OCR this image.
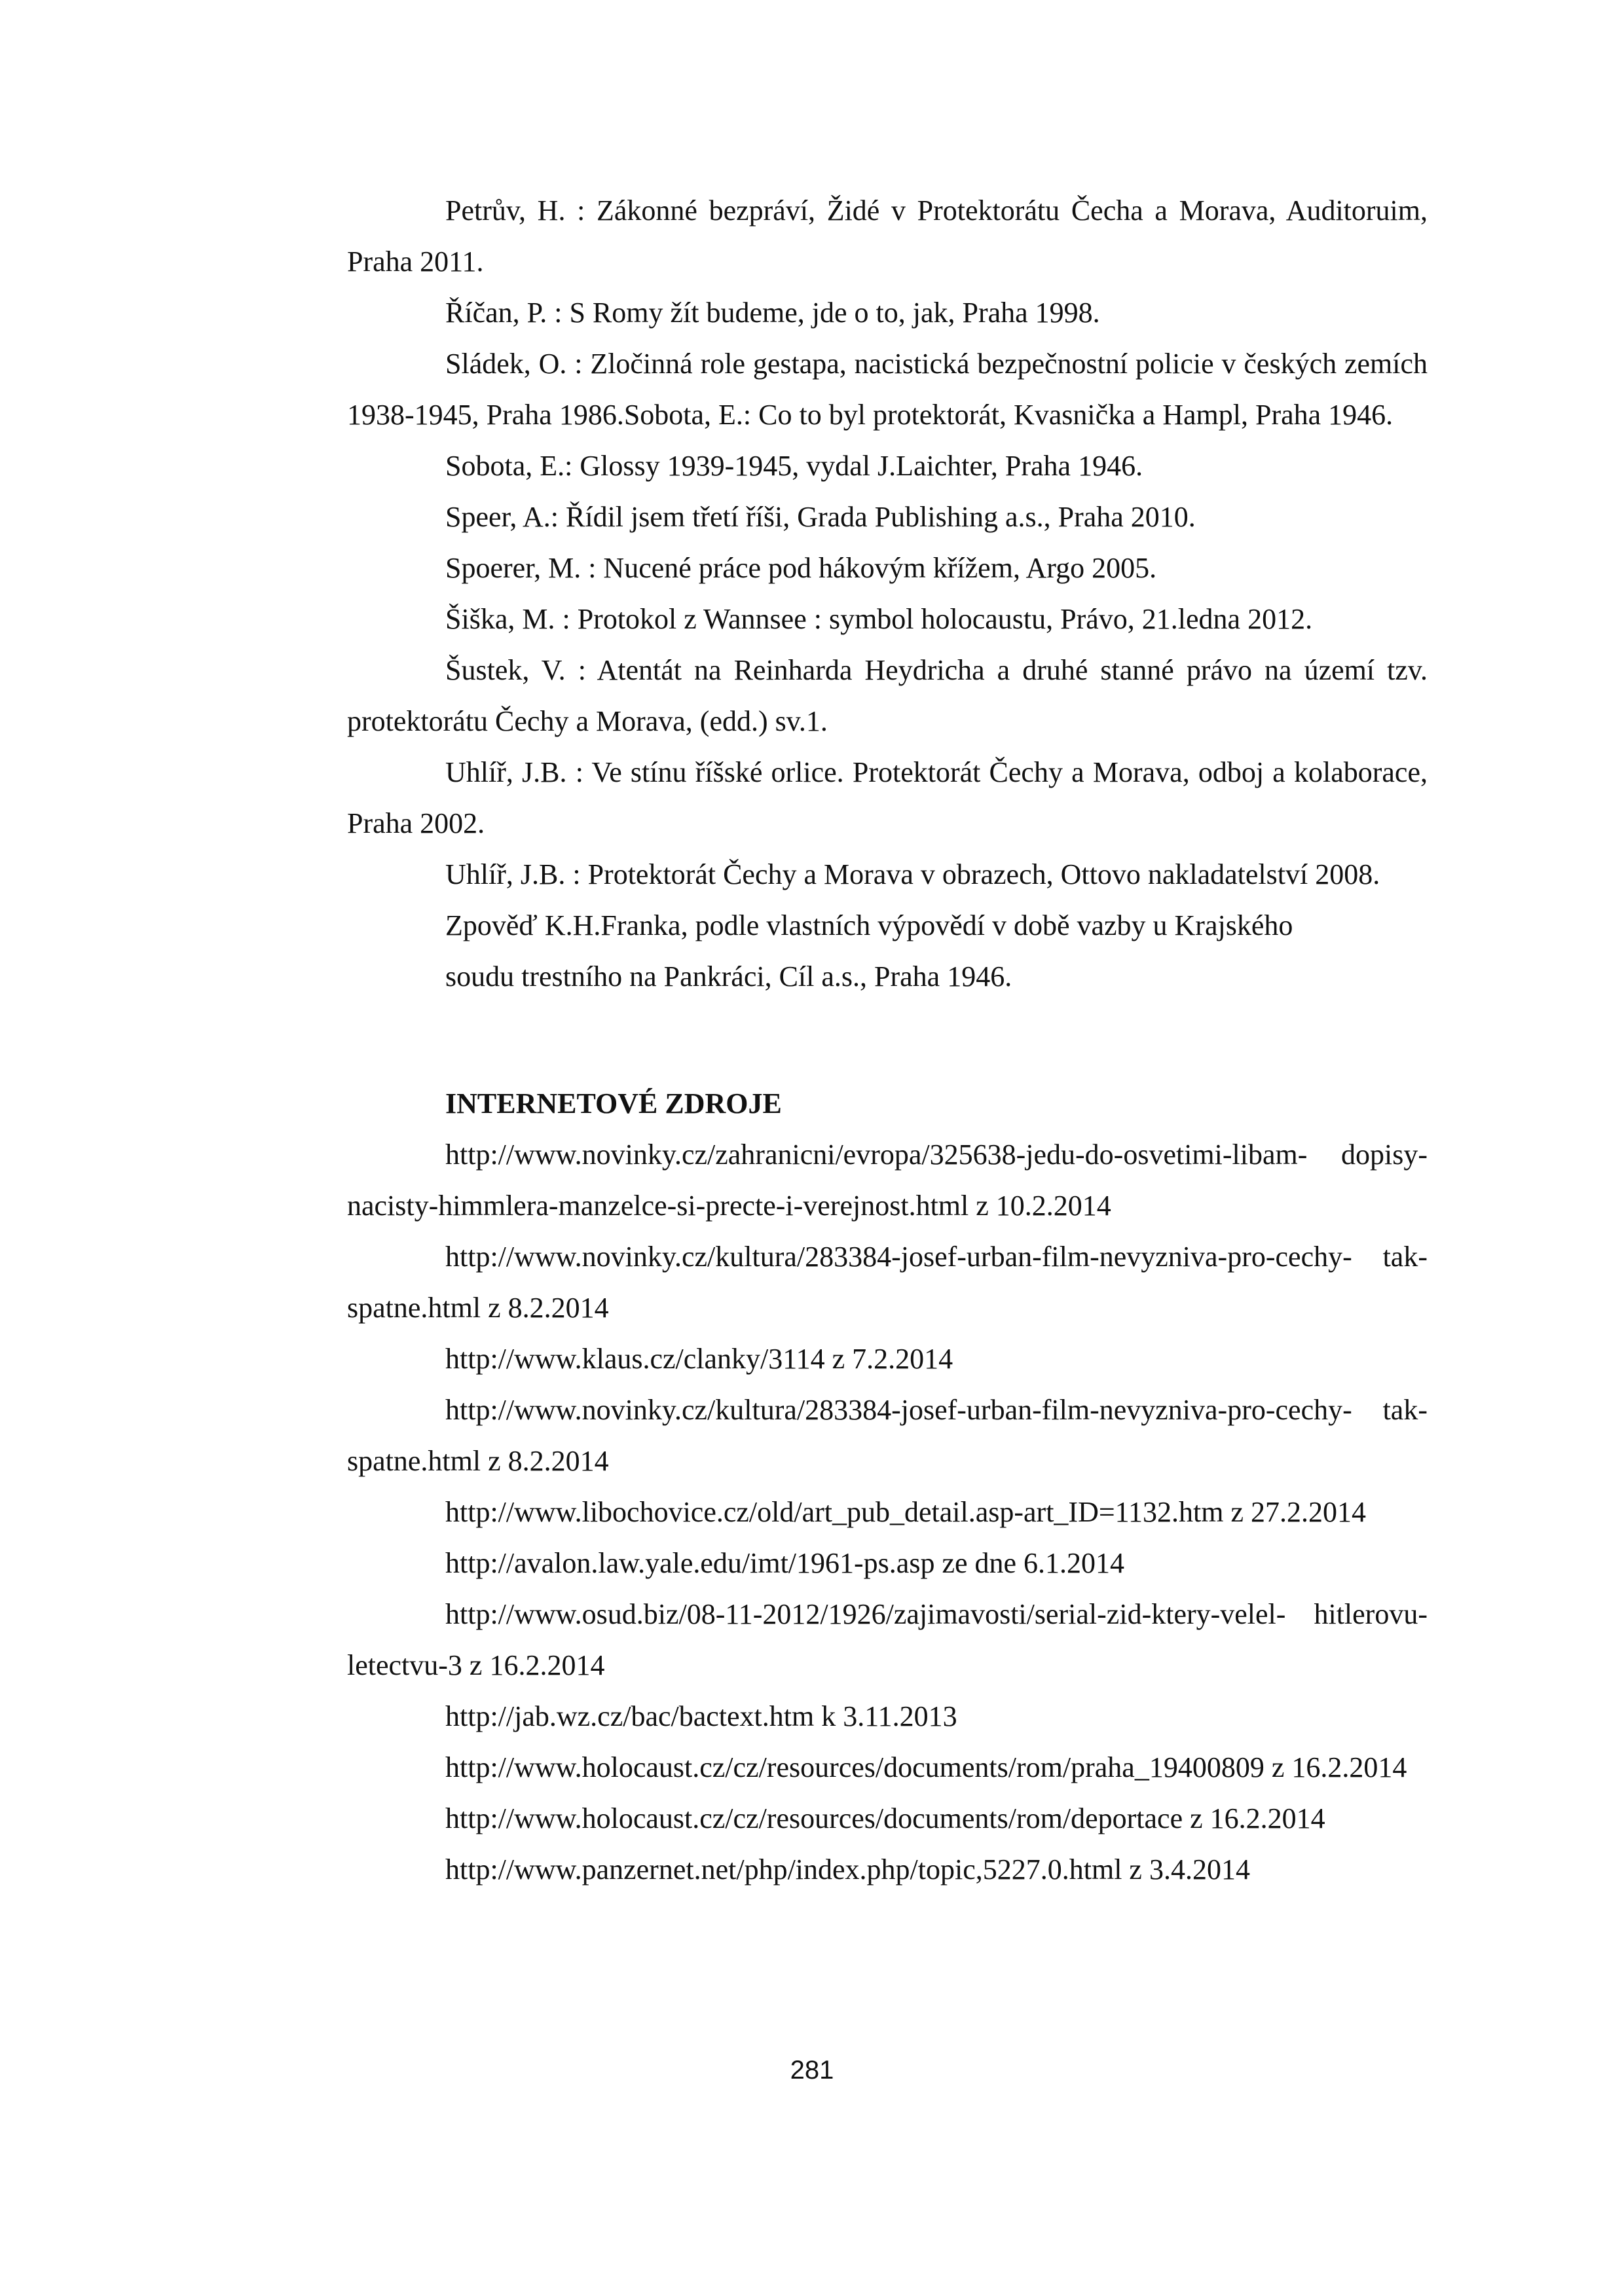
Petrův, H. : Zákonné bezpráví, Židé v Protektorátu Čecha a Morava, Auditoruim, Praha 2011.

Říčan, P. : S Romy žít budeme, jde o to, jak, Praha 1998.

Sládek, O. : Zločinná role gestapa, nacistická bezpečnostní policie v českých zemích 1938-1945, Praha 1986.Sobota, E.: Co to byl protektorát, Kvasnička a Hampl, Praha 1946.

Sobota, E.: Glossy 1939-1945, vydal J.Laichter, Praha 1946.

Speer, A.: Řídil jsem třetí říši, Grada Publishing a.s., Praha 2010.

Spoerer, M. : Nucené práce pod hákovým křížem, Argo 2005.

Šiška, M. : Protokol z Wannsee : symbol holocaustu, Právo, 21.ledna 2012.

Šustek, V. : Atentát na Reinharda Heydricha a druhé stanné právo na území tzv. protektorátu Čechy a Morava, (edd.) sv.1.

Uhlíř, J.B. : Ve stínu říšské orlice. Protektorát Čechy a Morava, odboj a kolaborace, Praha 2002.

Uhlíř, J.B. : Protektorát Čechy a Morava v obrazech, Ottovo nakladatelství 2008.

Zpověď K.H.Franka, podle vlastních výpovědí v době vazby u Krajského
soudu trestního na Pankráci, Cíl a.s., Praha 1946.
INTERNETOVÉ ZDROJE

http://www.novinky.cz/zahranicni/evropa/325638-jedu-do-osvetimi-libam- dopisy-nacisty-himmlera-manzelce-si-precte-i-verejnost.html z 10.2.2014

http://www.novinky.cz/kultura/283384-josef-urban-film-nevyzniva-pro-cechy- tak-spatne.html z 8.2.2014

http://www.klaus.cz/clanky/3114 z 7.2.2014

http://www.novinky.cz/kultura/283384-josef-urban-film-nevyzniva-pro-cechy- tak-spatne.html z 8.2.2014

http://www.libochovice.cz/old/art_pub_detail.asp-art_ID=1132.htm z 27.2.2014

http://avalon.law.yale.edu/imt/1961-ps.asp ze dne 6.1.2014

http://www.osud.biz/08-11-2012/1926/zajimavosti/serial-zid-ktery-velel- hitlerovu-letectvu-3 z 16.2.2014

http://jab.wz.cz/bac/bactext.htm k 3.11.2013

http://www.holocaust.cz/cz/resources/documents/rom/praha_19400809 z 16.2.2014

http://www.holocaust.cz/cz/resources/documents/rom/deportace z 16.2.2014

http://www.panzernet.net/php/index.php/topic,5227.0.html z 3.4.2014

281
